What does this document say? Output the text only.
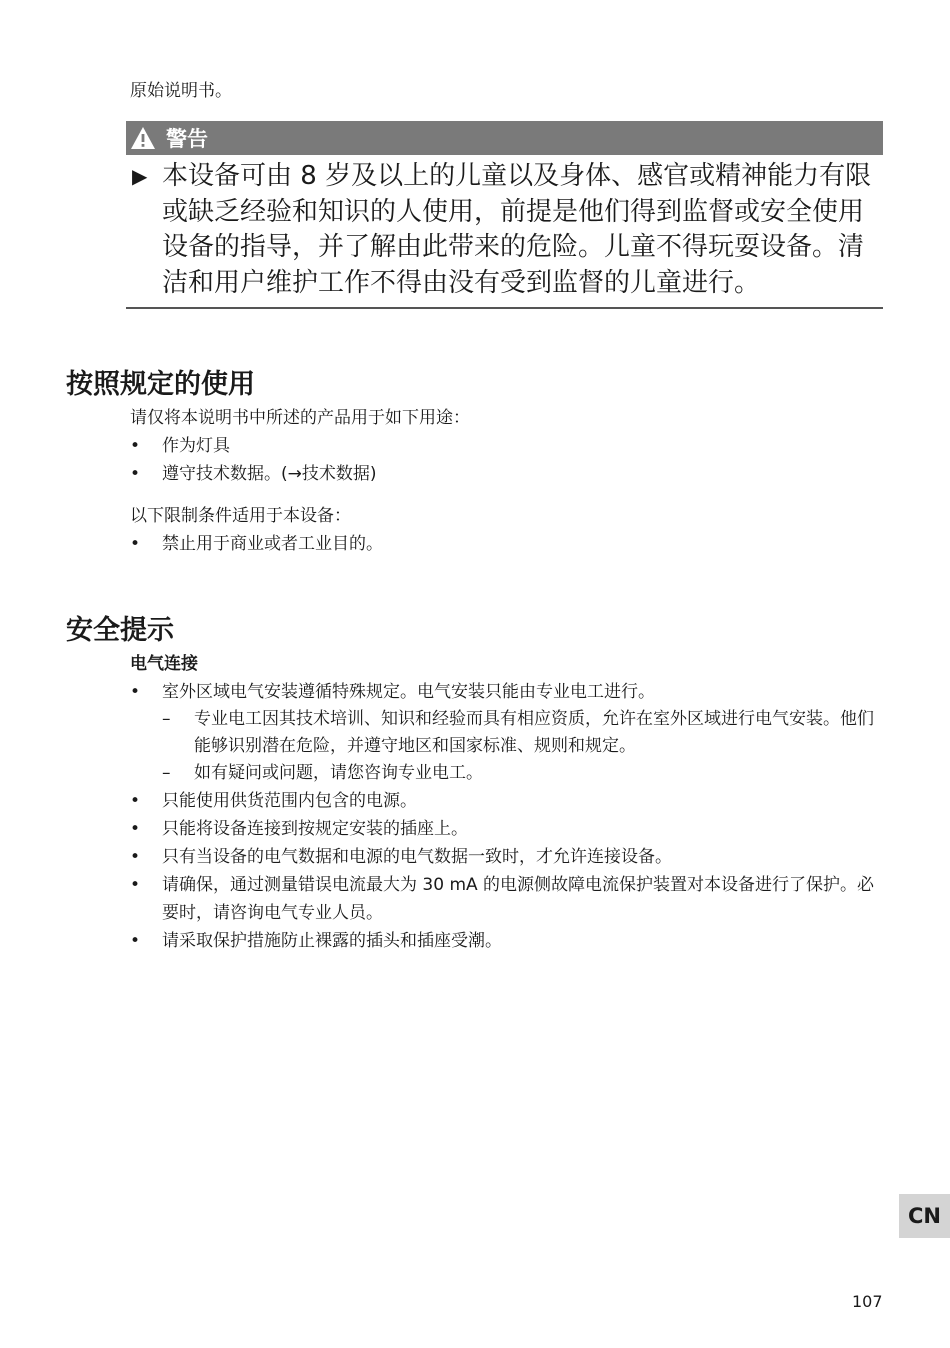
原始说明书。
警告
▶ 本设备可由 8 岁及以上的儿童以及身体、感官或精神能力有限或缺乏经验和知识的人使用，前提是他们得到监督或安全使用设备的指导，并了解由此带来的危险。儿童不得玩耍设备。清洁和用户维护工作不得由没有受到监督的儿童进行。
按照规定的使用
请仅将本说明书中所述的产品用于如下用途：
• 作为灯具
• 遵守技术数据。(→技术数据)
以下限制条件适用于本设备：
• 禁止用于商业或者工业目的。
安全提示
电气连接
• 室外区域电气安装遵循特殊规定。电气安装只能由专业电工进行。
– 专业电工因其技术培训、知识和经验而具有相应资质，允许在室外区域进行电气安装。他们能够识别潜在危险，并遵守地区和国家标准、规则和规定。
– 如有疑问或问题，请您咨询专业电工。
• 只能使用供货范围内包含的电源。
• 只能将设备连接到按规定安装的插座上。
• 只有当设备的电气数据和电源的电气数据一致时，才允许连接设备。
• 请确保，通过测量错误电流最大为 30 mA 的电源侧故障电流保护装置对本设备进行了保护。必要时，请咨询电气专业人员。
• 请采取保护措施防止裸露的插头和插座受潮。
CN
107
